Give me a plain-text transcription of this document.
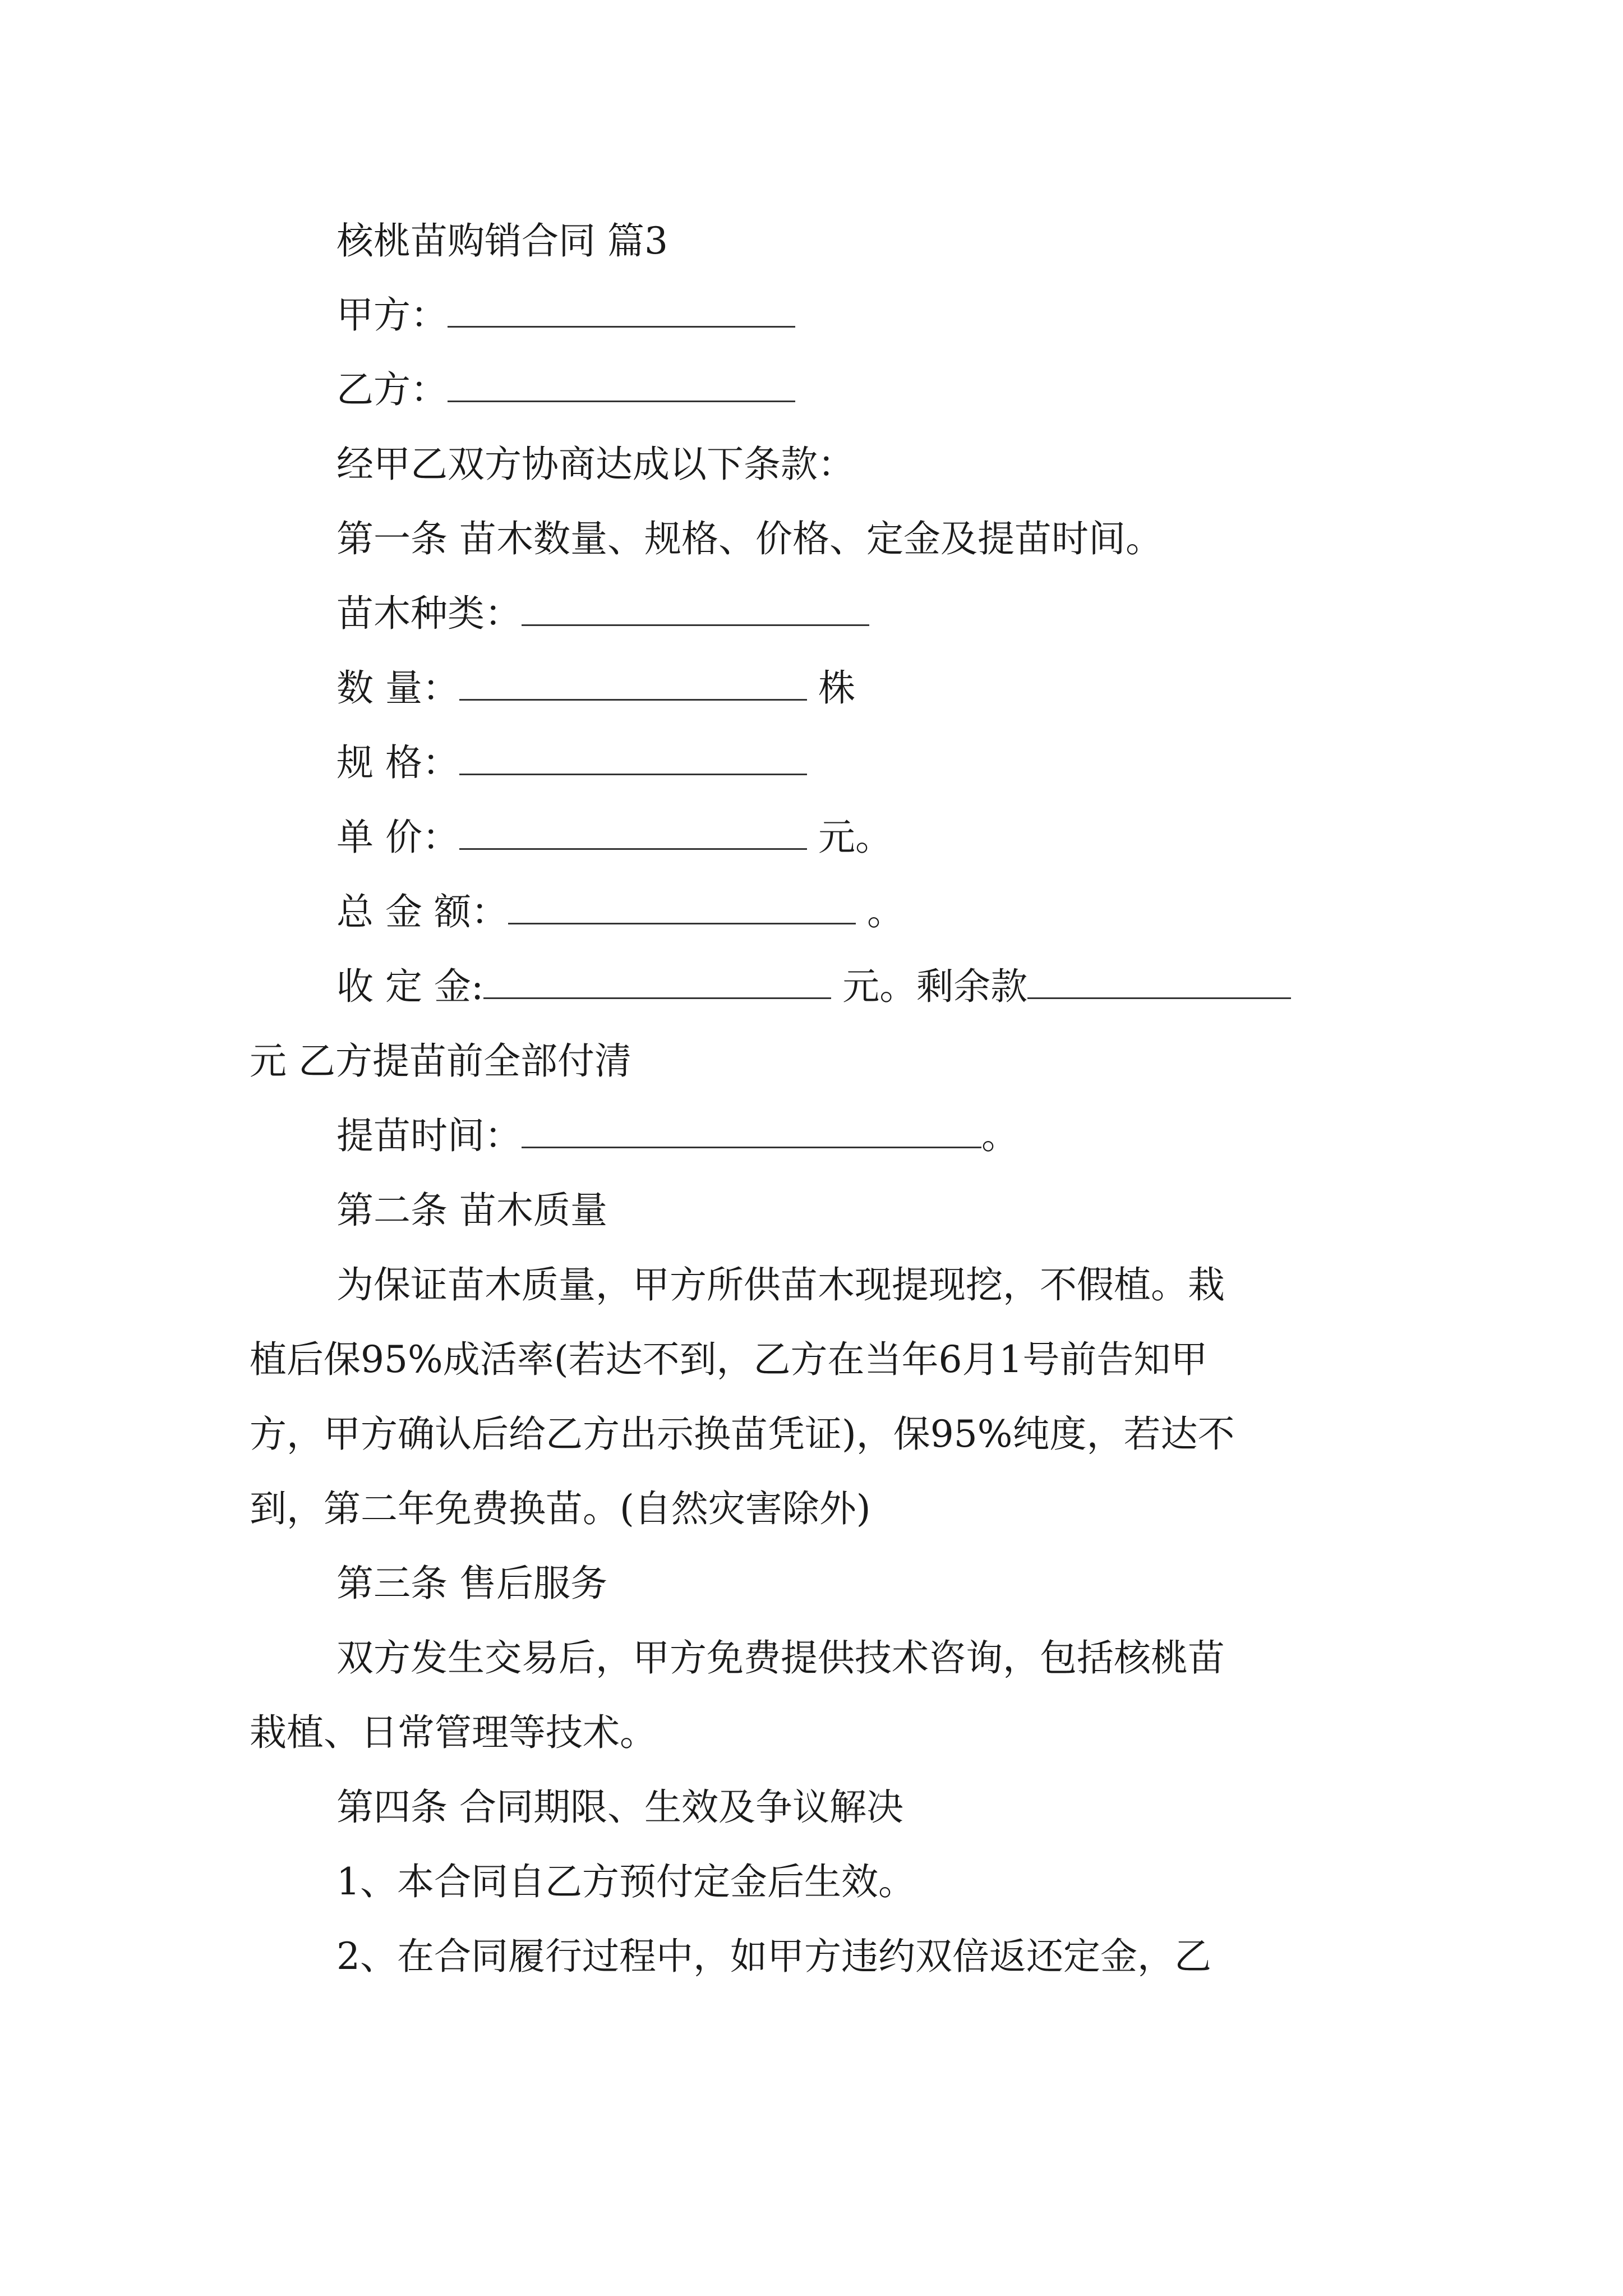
核桃苗购销合同 篇3
甲方：
乙方：
经甲乙双方协商达成以下条款：
第一条 苗木数量、规格、价格、定金及提苗时间。
苗木种类：
数 量：	株
规 格：
单 价：	元。
总 金 额：	。
收 定 金:	元。剩余款
元 乙方提苗前全部付清
提苗时间：	。
第二条 苗木质量
为保证苗木质量，甲方所供苗木现提现挖，不假植。栽
植后保95%成活率(若达不到，乙方在当年6月1号前告知甲
方，甲方确认后给乙方出示换苗凭证)，保95%纯度，若达不
到，第二年免费换苗。(自然灾害除外)
第三条 售后服务
双方发生交易后，甲方免费提供技术咨询，包括核桃苗
栽植、日常管理等技术。
第四条 合同期限、生效及争议解决
1、本合同自乙方预付定金后生效。
2、在合同履行过程中，如甲方违约双倍返还定金，乙
